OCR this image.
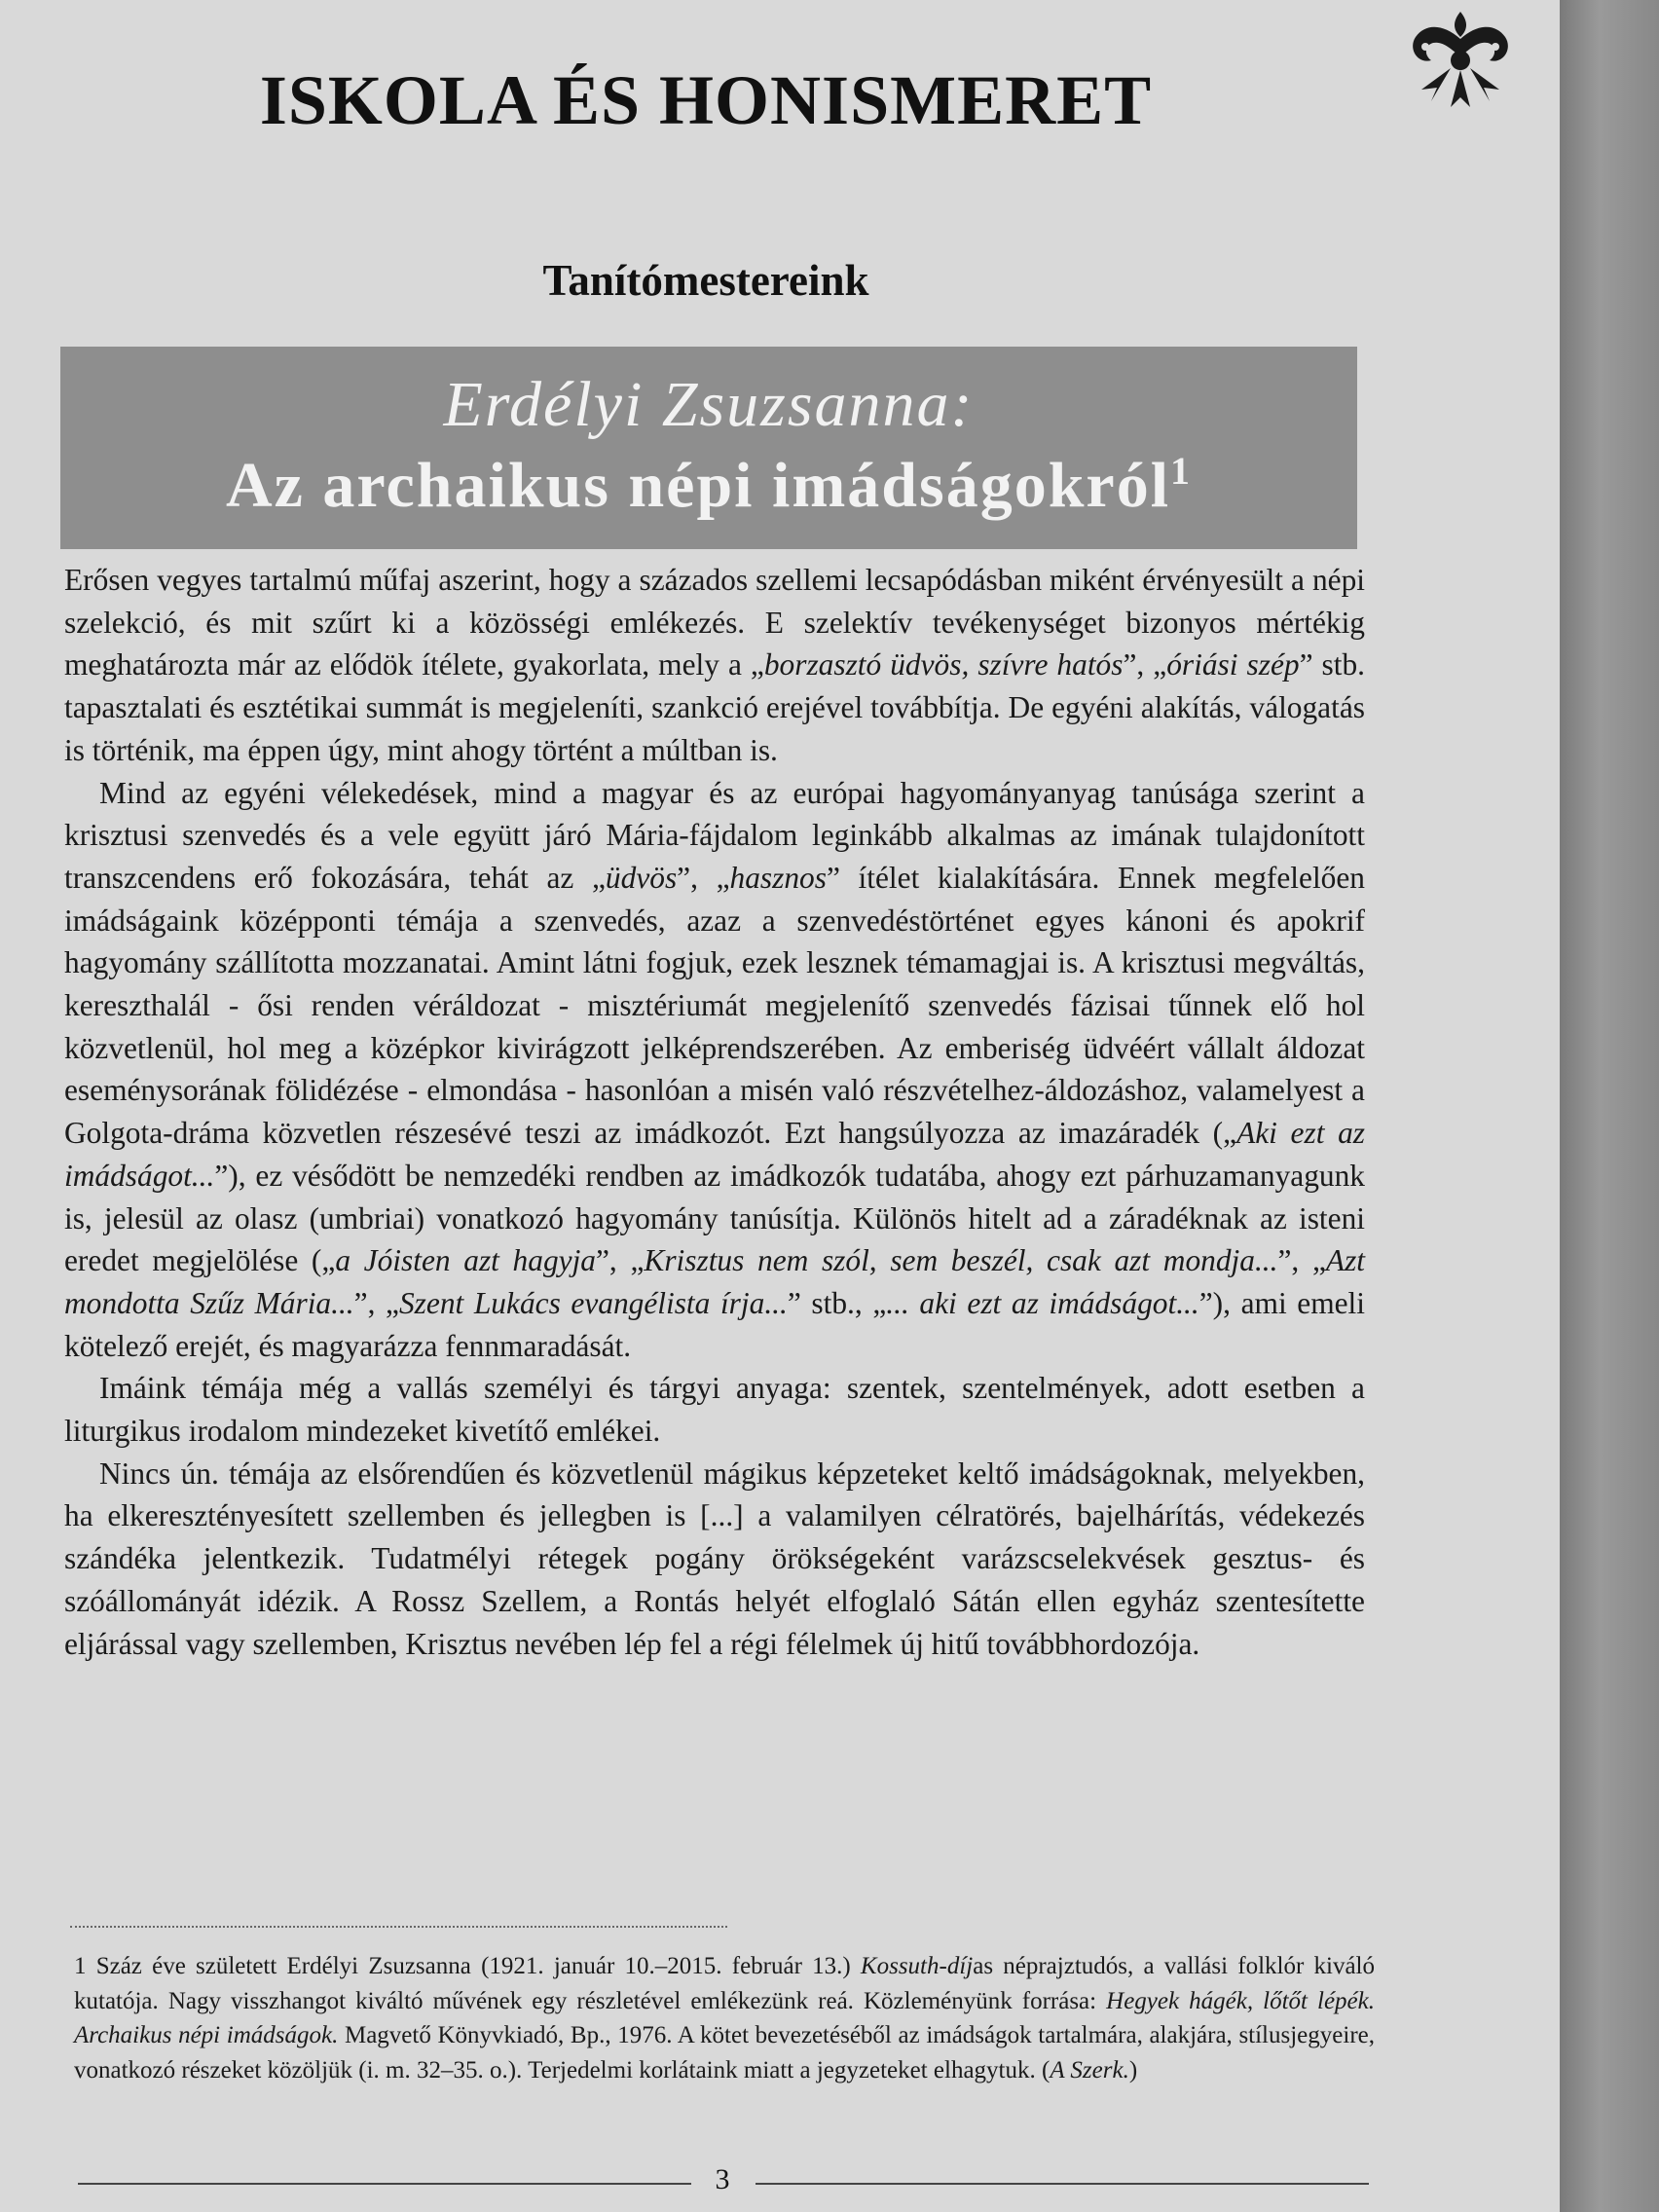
ISKOLA ÉS HONISMERET
Tanítómestereink
Erdélyi Zsuzsanna:
Az archaikus népi imádságokról$^1$

Erősen vegyes tartalmú műfaj aszerint, hogy a százados szellemi lecsapódásban miként érvényesült a népi szelekció, és mit szűrt ki a közösségi emlékezés. E szelektív tevékenységet bizonyos mértékig meghatározta már az elődök ítélete, gyakorlata, mely a „borzasztó üdvös, szívre hatós”, „óriási szép” stb. tapasztalati és esztétikai summát is megjeleníti, szankció erejével továbbítja. De egyéni alakítás, válogatás is történik, ma éppen úgy, mint ahogy történt a múltban is.

Mind az egyéni vélekedések, mind a magyar és az európai hagyományanyag tanúsága szerint a krisztusi szenvedés és a vele együtt járó Mária-fájdalom leginkább alkalmas az imának tulajdonított transzcendens erő fokozására, tehát az „üdvös”, „hasznos” ítélet kialakítására. Ennek megfelelően imádságaink középponti témája a szenvedés, azaz a szenvedéstörténet egyes kánoni és apokrif hagyomány szállította mozzanatai. Amint látni fogjuk, ezek lesznek témamagjai is. A krisztusi megváltás, kereszthalál - ősi renden véráldozat - misztériumát megjelenítő szenvedés fázisai tűnnek elő hol közvetlenül, hol meg a középkor kivirágzott jelképrendszerében. Az emberiség üdvéért vállalt áldozat eseménysorának fölidézése - elmondása - hasonlóan a misén való részvételhez-áldozáshoz, valamelyest a Golgota-dráma közvetlen részesévé teszi az imádkozót. Ezt hangsúlyozza az imazáradék („Aki ezt az imádságot...”), ez vésődött be nemzedéki rendben az imádkozók tudatába, ahogy ezt párhuzamanyagunk is, jelesül az olasz (umbriai) vonatkozó hagyomány tanúsítja. Különös hitelt ad a záradéknak az isteni eredet megjelölése („a Jóisten azt hagyja”, „Krisztus nem szól, sem beszél, csak azt mondja...”, „Azt mondotta Szűz Mária...”, „Szent Lukács evangélista írja...” stb., „... aki ezt az imádságot...”), ami emeli kötelező erejét, és magyarázza fennmaradását.

Imáink témája még a vallás személyi és tárgyi anyaga: szentek, szentelmények, adott esetben a liturgikus irodalom mindezeket kivetítő emlékei.

Nincs ún. témája az elsőrendűen és közvetlenül mágikus képzeteket keltő imádságoknak, melyekben, ha elkeresztényesített szellemben és jellegben is [...] a valamilyen célratörés, bajelhárítás, védekezés szándéka jelentkezik. Tudatmélyi rétegek pogány örökségeként varázscselekvések gesztus- és szóállományát idézik. A Rossz Szellem, a Rontás helyét elfoglaló Sátán ellen egyház szentesítette eljárással vagy szellemben, Krisztus nevében lép fel a régi félelmek új hitű továbbhordozója.

1 Száz éve született Erdélyi Zsuzsanna (1921. január 10.–2015. február 13.) Kossuth-díjas néprajztudós, a vallási folklór kiváló kutatója. Nagy visszhangot kiváltó művének egy részletével emlékezünk reá. Közleményünk forrása: Hegyek hágék, lőtőt lépék. Archaikus népi imádságok. Magvető Könyvkiadó, Bp., 1976. A kötet bevezetéséből az imádságok tartalmára, alakjára, stílusjegyeire, vonatkozó részeket közöljük (i. m. 32–35. o.). Terjedelmi korlátaink miatt a jegyzeteket elhagytuk. (A Szerk.)
3
